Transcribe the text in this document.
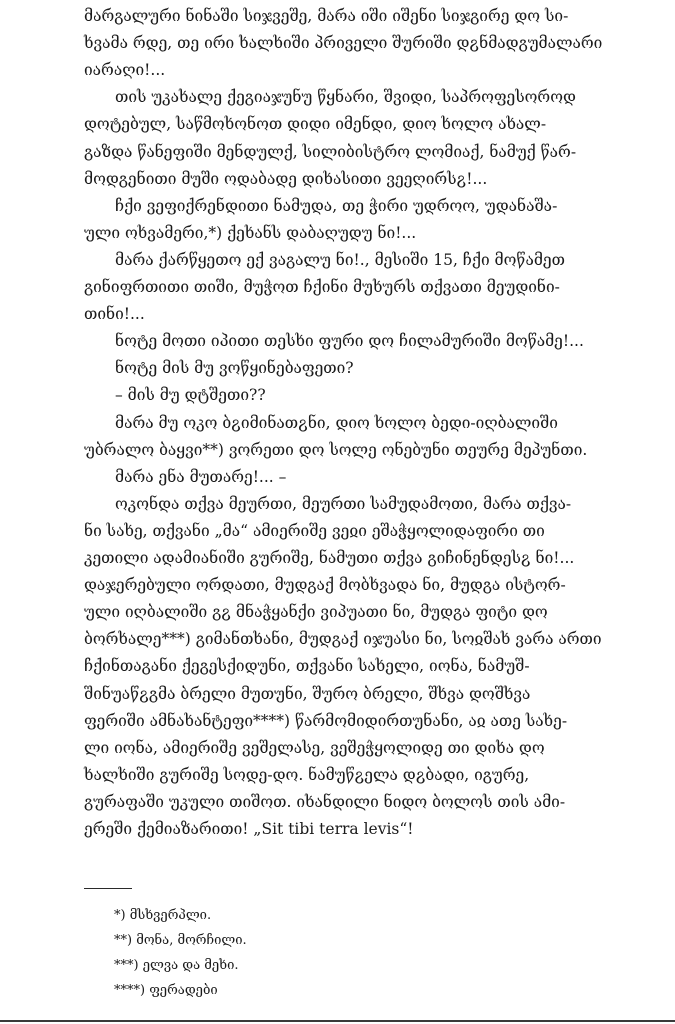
მარგალური ნინაში სიჯვეშე, მარა იში იშენი სიჯგირე დო სი-
ხვამა რდე, თე ირი ხალხიში პრიველი შურიში დჷნმადგუმალარი
იარაღი!...
თის უკახალე ქეგიაჯუნუ წყნარი, შვიდი, საპროფესოროდ
დოტებულ, საწმოხონოთ დიდი იმენდი, დიო ხოლო ახალ-
გაზდა წანეფიში მენდულქ, სილიბისტრო ლომიაქ, ნამუქ წარ-
მოდგენითი მუში ოდაბადე დიხასითი ვეეღირსჷ!...
ჩქი ვეფიქრენდითი ნამუდა, თე ჭირი უდროო, უდანაშა-
ული ოხვამერი,*) ქეხანს დაბაღუდუ ნი!...
მარა ქარწყეთო ექ ვაგალუ ნი!., მესიში 15, ჩქი მოწამეთ
გინიფრთითი თიში, მუჭოთ ჩქინი მუხურს თქვათი მეუდინი-
თინი!...
ნოტე მოთი იპითი თესხი ფური დო ჩილამურიში მოწამე!...
ნოტე მის მუ ვოწყინებაფეთი?
– მის მუ დტშეთი??
მარა მუ ოკო ბჷიმინათჷნი, დიო ხოლო ბედი-იღბალიში
უბრალო ბაყვი**) ვორეთი დო სოლე ონებუნი თეურე მეპუნთი.
მარა ენა მუთარე!... –
ოკონდა თქვა მეურთი, მეურთი სამუდამოთი, მარა თქვა-
ნი სახე, თქვანი „მა“ ამიერიშე ვეჲი ეშაჭყოლიდაფირი თი
კეთილი ადამიანიში გურიშე, ნამუთი თქვა გიჩინენდესჷ ნი!...
დაჯერებული ორდათი, მუდგაქ მობხვადა ნი, მუდგა ისტორ-
ული იღბალიში გჷ მნაჭყანქი ვიპუათი ნი, მუდგა ფიტი დო
ბორხალე***) გიმანთხანი, მუდგაქ იჯუასი ნი, სოჲშახ ვარა ართი
ჩქინთაგანი ქეგესქიდუნი, თქვანი სახელი, იონა, ნამუშ-
შინუაწჷგმა ბრელი მუთუნი, შურო ბრელი, შხვა დოშხვა
ფერიში ამნახანტეფი****) წარმომიდირთუნანი, აჲ ათე სახე-
ლი იონა, ამიერიშე ვეშელასე, ვეშეჭყოლიდე თი დიხა დო
ხალხიში გურიშე სოდე-დო. ნამუწჷელა დჷბადი, იგურე,
გურაფაში უკული თიშოთ. იხანდილი ნიდო ბოლოს თის ამი-
ერეში ქემიაზარითი! „Sit tibi terra levis“!
*) მსხვერპლი.
**) მონა, მორჩილი.
***) ელვა და მეხი.
****) ფერადები
